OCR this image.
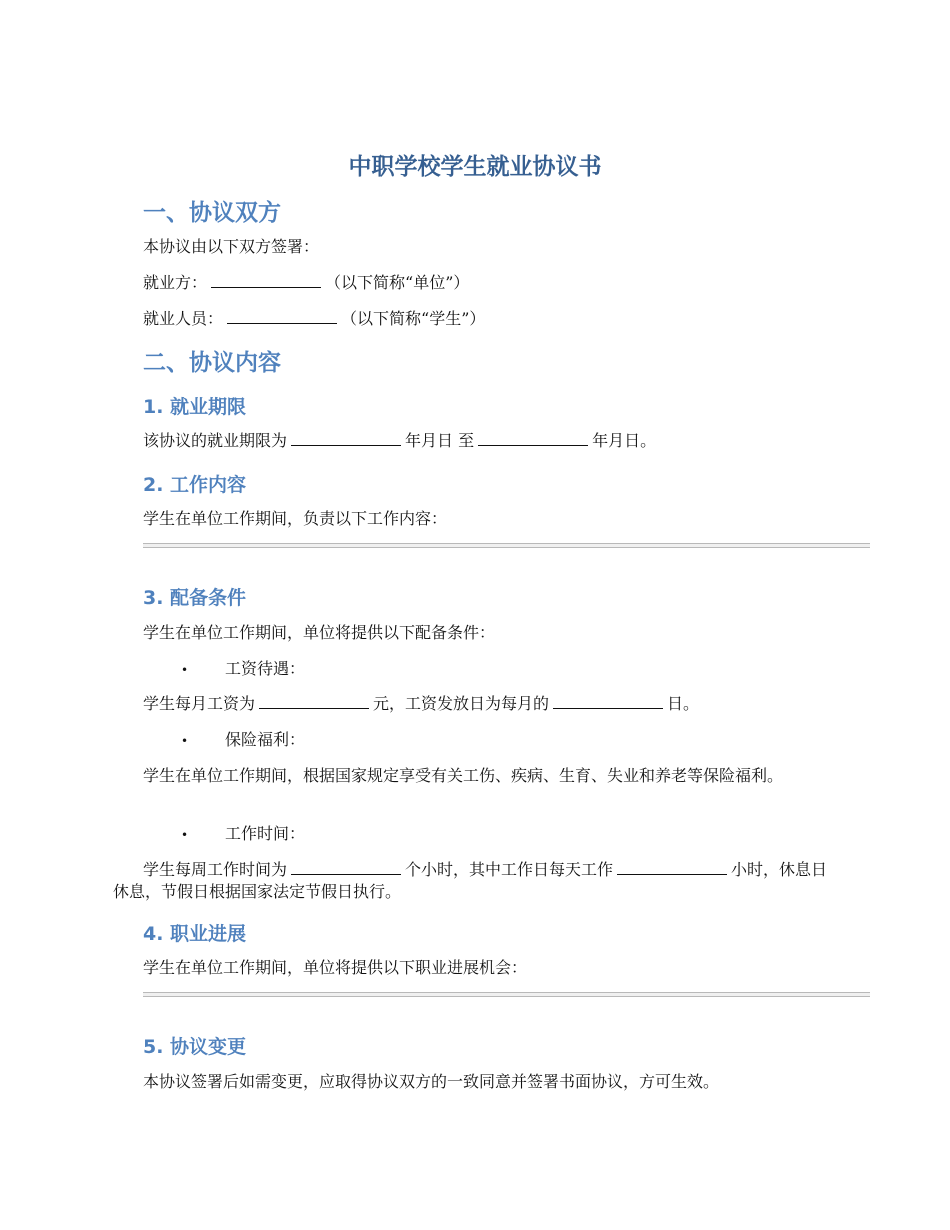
中职学校学生就业协议书
一、协议双方
本协议由以下双方签署：
就业方：	（以下简称“单位”）
就业人员：	（以下简称“学生”）
二、协议内容
1. 就业期限
该协议的就业期限为	年月日 至	年月日。
2. 工作内容
学生在单位工作期间，负责以下工作内容：
3. 配备条件
学生在单位工作期间，单位将提供以下配备条件：
• 工资待遇：
学生每月工资为	元，工资发放日为每月的	日。
• 保险福利：
学生在单位工作期间，根据国家规定享受有关工伤、疾病、生育、失业和养老等保险福利。
• 工作时间：
学生每周工作时间为	个小时，其中工作日每天工作	小时，休息日休息，节假日根据国家法定节假日执行。
4. 职业进展
学生在单位工作期间，单位将提供以下职业进展机会：
5. 协议变更
本协议签署后如需变更，应取得协议双方的一致同意并签署书面协议，方可生效。
